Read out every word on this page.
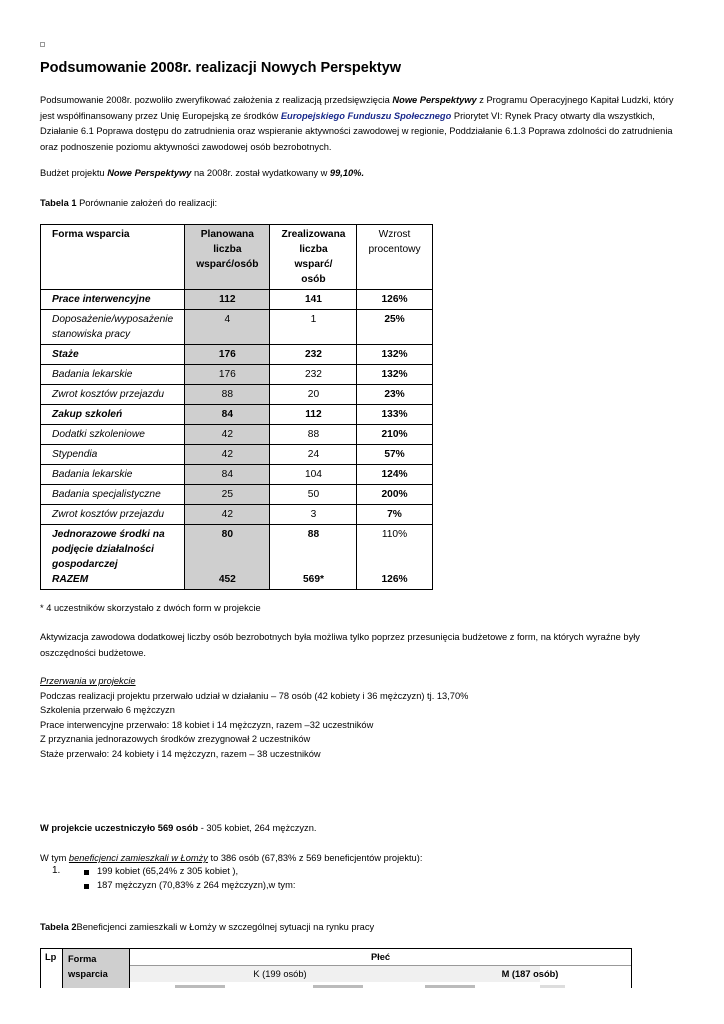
Podsumowanie 2008r. realizacji Nowych Perspektyw

Podsumowanie 2008r. pozwoliło zweryfikować założenia z realizacją przedsięwzięcia Nowe Perspektywy z Programu Operacyjnego Kapitał Ludzki, który jest współfinansowany przez Unię Europejską ze środków Europejskiego Funduszu Społecznego Priorytet VI: Rynek Pracy otwarty dla wszystkich, Działanie 6.1 Poprawa dostępu do zatrudnienia oraz wspieranie aktywności zawodowej w regionie, Poddziałanie 6.1.3 Poprawa zdolności do zatrudnienia oraz podnoszenie poziomu aktywności zawodowej osób bezrobotnych.

Budżet projektu Nowe Perspektywy na 2008r. został wydatkowany w 99,10%.

Tabela 1 Porównanie założeń do realizacji:

Forma wsparcia	Planowana liczba wsparć/osób	Zrealizowana liczba wsparć/ osób	Wzrost procentowy
Prace interwencyjne	112	141	126%
Doposażenie/wyposażenie stanowiska pracy	4	1	25%
Staże	176	232	132%
Badania lekarskie	176	232	132%
Zwrot kosztów przejazdu	88	20	23%
Zakup szkoleń	84	112	133%
Dodatki szkoleniowe	42	88	210%
Stypendia	42	24	57%
Badania lekarskie	84	104	124%
Badania specjalistyczne	25	50	200%
Zwrot kosztów przejazdu	42	3	7%
Jednorazowe środki na podjęcie działalności gospodarczej	80	88	110%
RAZEM	452	569*	126%
* 4 uczestników skorzystało z dwóch form w projekcie

Aktywizacja zawodowa dodatkowej liczby osób bezrobotnych była możliwa tylko poprzez przesunięcia budżetowe z form, na których wyraźne były oszczędności budżetowe.

Przerwania w projekcie
Podczas realizacji projektu przerwało udział w działaniu – 78 osób (42 kobiety i 36 mężczyzn) tj. 13,70%
Szkolenia przerwało 6 mężczyzn
Prace interwencyjne przerwało: 18 kobiet i 14 mężczyzn, razem –32 uczestników
Z przyznania jednorazowych środków zrezygnował 2 uczestników
Staże przerwało: 24 kobiety i 14 mężczyzn, razem – 38 uczestników
W projekcie uczestniczyło 569 osób - 305 kobiet, 264 mężczyzn.
W tym beneficjenci zamieszkali w Łomży to 386 osób (67,83% z 569 beneficjentów projektu):
1.	199 kobiet (65,24% z 305 kobiet ),
187 mężczyzn (70,83% z 264 mężczyzn),w tym:

Tabela 2Beneficjenci zamieszkali w Łomży w szczególnej sytuacji na rynku pracy

Lp Forma wsparcia
Płeć
K (199 osób)	M (187 osób)
